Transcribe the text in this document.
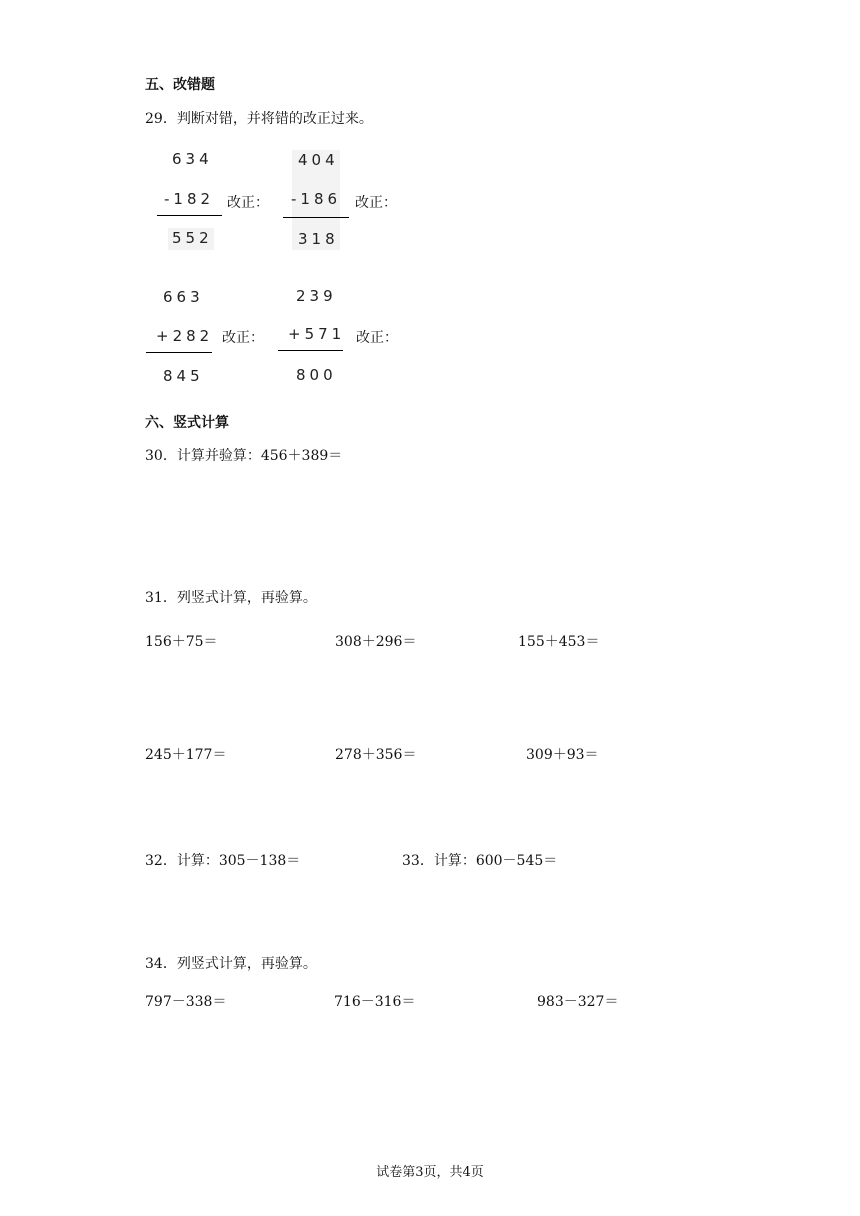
五、改错题
29．判断对错，并将错的改正过来。
634
-182
552
改正：
404
-186
318
改正：
663
+282
845
改正：
239
+571
800
改正：
六、竖式计算
30．计算并验算：456＋389＝
31．列竖式计算，再验算。
156＋75＝	308＋296＝	155＋453＝
245＋177＝	278＋356＝	309＋93＝
32．计算：305－138＝	33．计算：600－545＝
34．列竖式计算，再验算。
797－338＝	716－316＝	983－327＝
试卷第3页，共4页
